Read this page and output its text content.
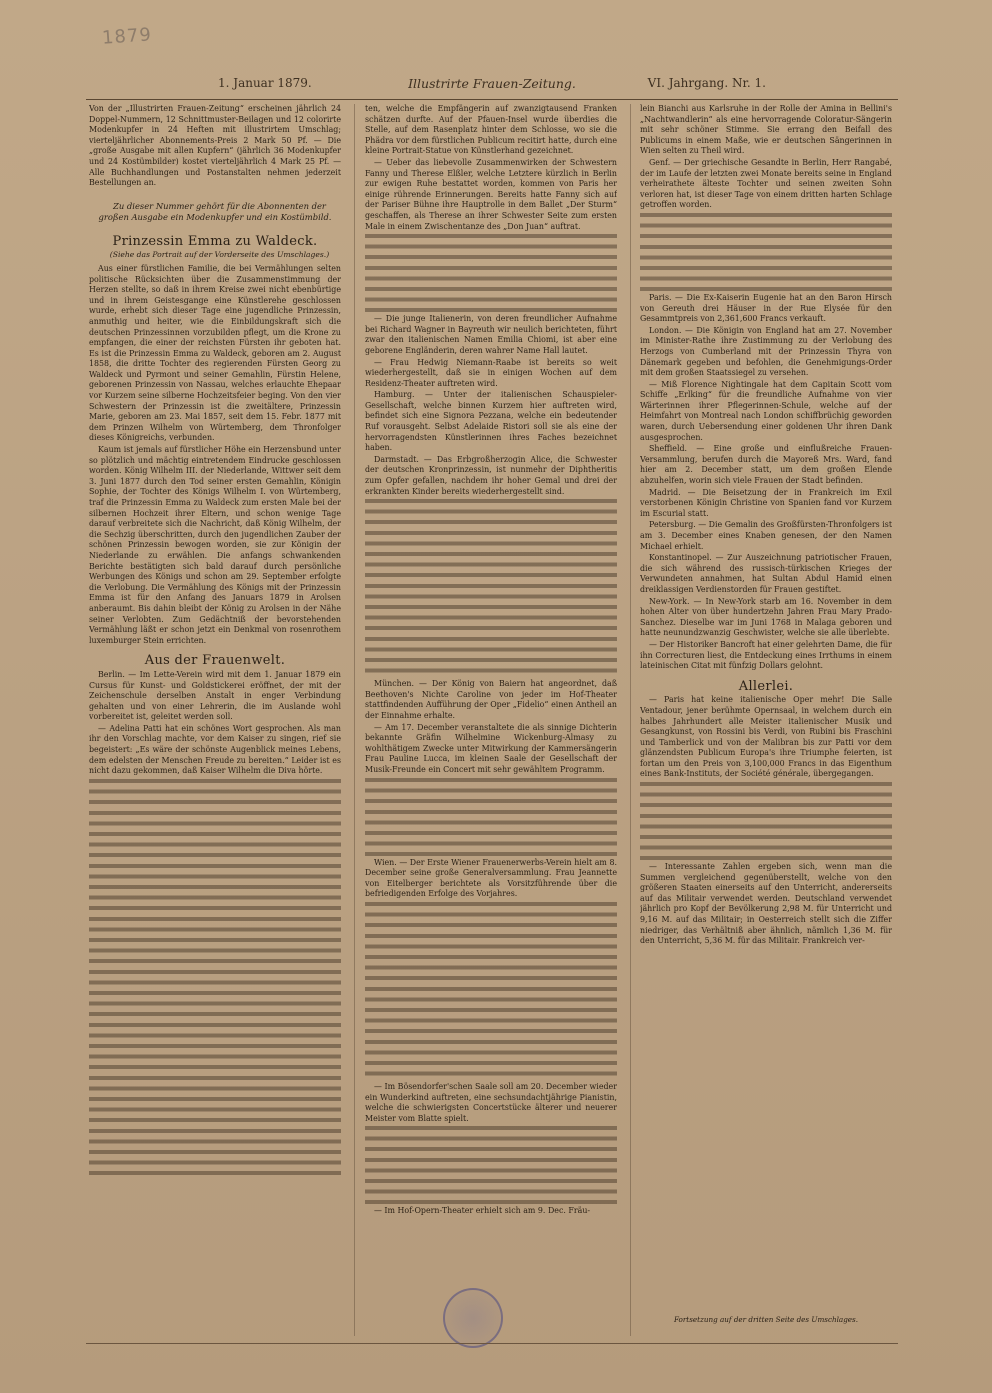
1879
1. Januar 1879.	Illustrirte Frauen-Zeitung.	VI. Jahrgang. Nr. 1.

Von der „Illustrirten Frauen-Zeitung“ erscheinen jährlich 24 Doppel-Nummern, 12 Schnittmuster-Beilagen und 12 colorirte Modenkupfer in 24 Heften mit illustrirtem Umschlag; vierteljährlicher Abonnements-Preis 2 Mark 50 Pf. — Die „große Ausgabe mit allen Kupfern“ (jährlich 36 Modenkupfer und 24 Kostümbilder) kostet vierteljährlich 4 Mark 25 Pf. — Alle Buchhandlungen und Postanstalten nehmen jederzeit Bestellungen an.

Zu dieser Nummer gehört für die Abonnenten der großen Ausgabe ein Modenkupfer und ein Kostümbild.

Prinzessin Emma zu Waldeck.

(Siehe das Portrait auf der Vorderseite des Umschlages.)

Aus einer fürstlichen Familie, die bei Vermählungen selten politische Rücksichten über die Zusammenstimmung der Herzen stellte, so daß in ihrem Kreise zwei nicht ebenbürtige und in ihrem Geistesgange eine Künstlerehe geschlossen wurde, erhebt sich dieser Tage eine jugendliche Prinzessin, anmuthig und heiter, wie die Einbildungskraft sich die deutschen Prinzessinnen vorzubilden pflegt, um die Krone zu empfangen, die einer der reichsten Fürsten ihr geboten hat. Es ist die Prinzessin Emma zu Waldeck, geboren am 2. August 1858, die dritte Tochter des regierenden Fürsten Georg zu Waldeck und Pyrmont und seiner Gemahlin, Fürstin Helene, geborenen Prinzessin von Nassau, welches erlauchte Ehepaar vor Kurzem seine silberne Hochzeitsfeier beging. Von den vier Schwestern der Prinzessin ist die zweitältere, Prinzessin Marie, geboren am 23. Mai 1857, seit dem 15. Febr. 1877 mit dem Prinzen Wilhelm von Würtemberg, dem Thronfolger dieses Königreichs, verbunden.

Kaum ist jemals auf fürstlicher Höhe ein Herzensbund unter so plötzlich und mächtig eintretendem Eindrucke geschlossen worden. König Wilhelm III. der Niederlande, Wittwer seit dem 3. Juni 1877 durch den Tod seiner ersten Gemahlin, Königin Sophie, der Tochter des Königs Wilhelm I. von Würtemberg, traf die Prinzessin Emma zu Waldeck zum ersten Male bei der silbernen Hochzeit ihrer Eltern, und schon wenige Tage darauf verbreitete sich die Nachricht, daß König Wilhelm, der die Sechzig überschritten, durch den jugendlichen Zauber der schönen Prinzessin bewogen worden, sie zur Königin der Niederlande zu erwählen. Die anfangs schwankenden Berichte bestätigten sich bald darauf durch persönliche Werbungen des Königs und schon am 29. September erfolgte die Verlobung. Die Vermählung des Königs mit der Prinzessin Emma ist für den Anfang des Januars 1879 in Arolsen anberaumt. Bis dahin bleibt der König zu Arolsen in der Nähe seiner Verlobten. Zum Gedächtniß der bevorstehenden Vermählung läßt er schon jetzt ein Denkmal von rosenrothem luxemburger Stein errichten.

Aus der Frauenwelt.

Berlin. — Im Lette-Verein wird mit dem 1. Januar 1879 ein Cursus für Kunst- und Goldstickerei eröffnet, der mit der Zeichenschule derselben Anstalt in enger Verbindung gehalten und von einer Lehrerin, die im Auslande wohl vorbereitet ist, geleitet werden soll.

— Adelina Patti hat ein schönes Wort gesprochen. Als man ihr den Vorschlag machte, vor dem Kaiser zu singen, rief sie begeistert: „Es wäre der schönste Augenblick meines Lebens, dem edelsten der Menschen Freude zu bereiten.“ Leider ist es nicht dazu gekommen, daß Kaiser Wilhelm die Diva hörte.

ten, welche die Empfängerin auf zwanzigtausend Franken schätzen durfte. Auf der Pfauen-Insel wurde überdies die Stelle, auf dem Rasenplatz hinter dem Schlosse, wo sie die Phädra vor dem fürstlichen Publicum recitirt hatte, durch eine kleine Portrait-Statue von Künstlerhand gezeichnet.

— Ueber das liebevolle Zusammenwirken der Schwestern Fanny und Therese Elßler, welche Letztere kürzlich in Berlin zur ewigen Ruhe bestattet worden, kommen von Paris her einige rührende Erinnerungen. Bereits hatte Fanny sich auf der Pariser Bühne ihre Hauptrolle in dem Ballet „Der Sturm“ geschaffen, als Therese an ihrer Schwester Seite zum ersten Male in einem Zwischentanze des „Don Juan“ auftrat.

— Die junge Italienerin, von deren freundlicher Aufnahme bei Richard Wagner in Bayreuth wir neulich berichteten, führt zwar den italienischen Namen Emilia Chiomi, ist aber eine geborene Engländerin, deren wahrer Name Hall lautet.

— Frau Hedwig Niemann-Raabe ist bereits so weit wiederhergestellt, daß sie in einigen Wochen auf dem Residenz-Theater auftreten wird.

Hamburg. — Unter der italienischen Schauspieler-Gesellschaft, welche binnen Kurzem hier auftreten wird, befindet sich eine Signora Pezzana, welche ein bedeutender Ruf vorausgeht. Selbst Adelaide Ristori soll sie als eine der hervorragendsten Künstlerinnen ihres Faches bezeichnet haben.

Darmstadt. — Das Erbgroßherzogin Alice, die Schwester der deutschen Kronprinzessin, ist nunmehr der Diphtheritis zum Opfer gefallen, nachdem ihr hoher Gemal und drei der erkrankten Kinder bereits wiederhergestellt sind.

München. — Der König von Baiern hat angeordnet, daß Beethoven's Nichte Caroline von jeder im Hof-Theater stattfindenden Aufführung der Oper „Fidelio“ einen Antheil an der Einnahme erhalte.

— Am 17. December veranstaltete die als sinnige Dichterin bekannte Gräfin Wilhelmine Wickenburg-Almasy zu wohlthätigem Zwecke unter Mitwirkung der Kammersängerin Frau Pauline Lucca, im kleinen Saale der Gesellschaft der Musik-Freunde ein Concert mit sehr gewähltem Programm.

Wien. — Der Erste Wiener Frauenerwerbs-Verein hielt am 8. December seine große Generalversammlung. Frau Jeannette von Eitelberger berichtete als Vorsitzführende über die befriedigenden Erfolge des Vorjahres.

— Im Bösendorfer'schen Saale soll am 20. December wieder ein Wunderkind auftreten, eine sechsundachtjährige Pianistin, welche die schwierigsten Concertstücke älterer und neuerer Meister vom Blatte spielt.

— Im Hof-Opern-Theater erhielt sich am 9. Dec. Fräu-

lein Bianchi aus Karlsruhe in der Rolle der Amina in Bellini's „Nachtwandlerin“ als eine hervorragende Coloratur-Sängerin mit sehr schöner Stimme. Sie errang den Beifall des Publicums in einem Maße, wie er deutschen Sängerinnen in Wien selten zu Theil wird.

Genf. — Der griechische Gesandte in Berlin, Herr Rangabé, der im Laufe der letzten zwei Monate bereits seine in England verheirathete älteste Tochter und seinen zweiten Sohn verloren hat, ist dieser Tage von einem dritten harten Schlage getroffen worden.

Paris. — Die Ex-Kaiserin Eugenie hat an den Baron Hirsch von Gereuth drei Häuser in der Rue Elysée für den Gesammtpreis von 2,361,600 Francs verkauft.

London. — Die Königin von England hat am 27. November im Minister-Rathe ihre Zustimmung zu der Verlobung des Herzogs von Cumberland mit der Prinzessin Thyra von Dänemark gegeben und befohlen, die Genehmigungs-Order mit dem großen Staatssiegel zu versehen.

— Miß Florence Nightingale hat dem Capitain Scott vom Schiffe „Erlking“ für die freundliche Aufnahme von vier Wärterinnen ihrer Pflegerinnen-Schule, welche auf der Heimfahrt von Montreal nach London schiffbrüchig geworden waren, durch Uebersendung einer goldenen Uhr ihren Dank ausgesprochen.

Sheffield. — Eine große und einflußreiche Frauen-Versammlung, berufen durch die Mayoreß Mrs. Ward, fand hier am 2. December statt, um dem großen Elende abzuhelfen, worin sich viele Frauen der Stadt befinden.

Madrid. — Die Beisetzung der in Frankreich im Exil verstorbenen Königin Christine von Spanien fand vor Kurzem im Escurial statt.

Petersburg. — Die Gemalin des Großfürsten-Thronfolgers ist am 3. December eines Knaben genesen, der den Namen Michael erhielt.

Konstantinopel. — Zur Auszeichnung patriotischer Frauen, die sich während des russisch-türkischen Krieges der Verwundeten annahmen, hat Sultan Abdul Hamid einen dreiklassigen Verdienstorden für Frauen gestiftet.

New-York. — In New-York starb am 16. November in dem hohen Alter von über hundertzehn Jahren Frau Mary Prado-Sanchez. Dieselbe war im Juni 1768 in Malaga geboren und hatte neunundzwanzig Geschwister, welche sie alle überlebte.

— Der Historiker Bancroft hat einer gelehrten Dame, die für ihn Correcturen liest, die Entdeckung eines Irrthums in einem lateinischen Citat mit fünfzig Dollars gelohnt.

Allerlei.

— Paris hat keine italienische Oper mehr! Die Salle Ventadour, jener berühmte Opernsaal, in welchem durch ein halbes Jahrhundert alle Meister italienischer Musik und Gesangkunst, von Rossini bis Verdi, von Rubini bis Fraschini und Tamberlick und von der Malibran bis zur Patti vor dem glänzendsten Publicum Europa's ihre Triumphe feierten, ist fortan um den Preis von 3,100,000 Francs in das Eigenthum eines Bank-Instituts, der Société générale, übergegangen.

— Interessante Zahlen ergeben sich, wenn man die Summen vergleichend gegenüberstellt, welche von den größeren Staaten einerseits auf den Unterricht, andererseits auf das Militair verwendet werden. Deutschland verwendet jährlich pro Kopf der Bevölkerung 2,98 M. für Unterricht und 9,16 M. auf das Militair; in Oesterreich stellt sich die Ziffer niedriger, das Verhältniß aber ähnlich, nämlich 1,36 M. für den Unterricht, 5,36 M. für das Militair. Frankreich ver-

Fortsetzung auf der dritten Seite des Umschlages.
